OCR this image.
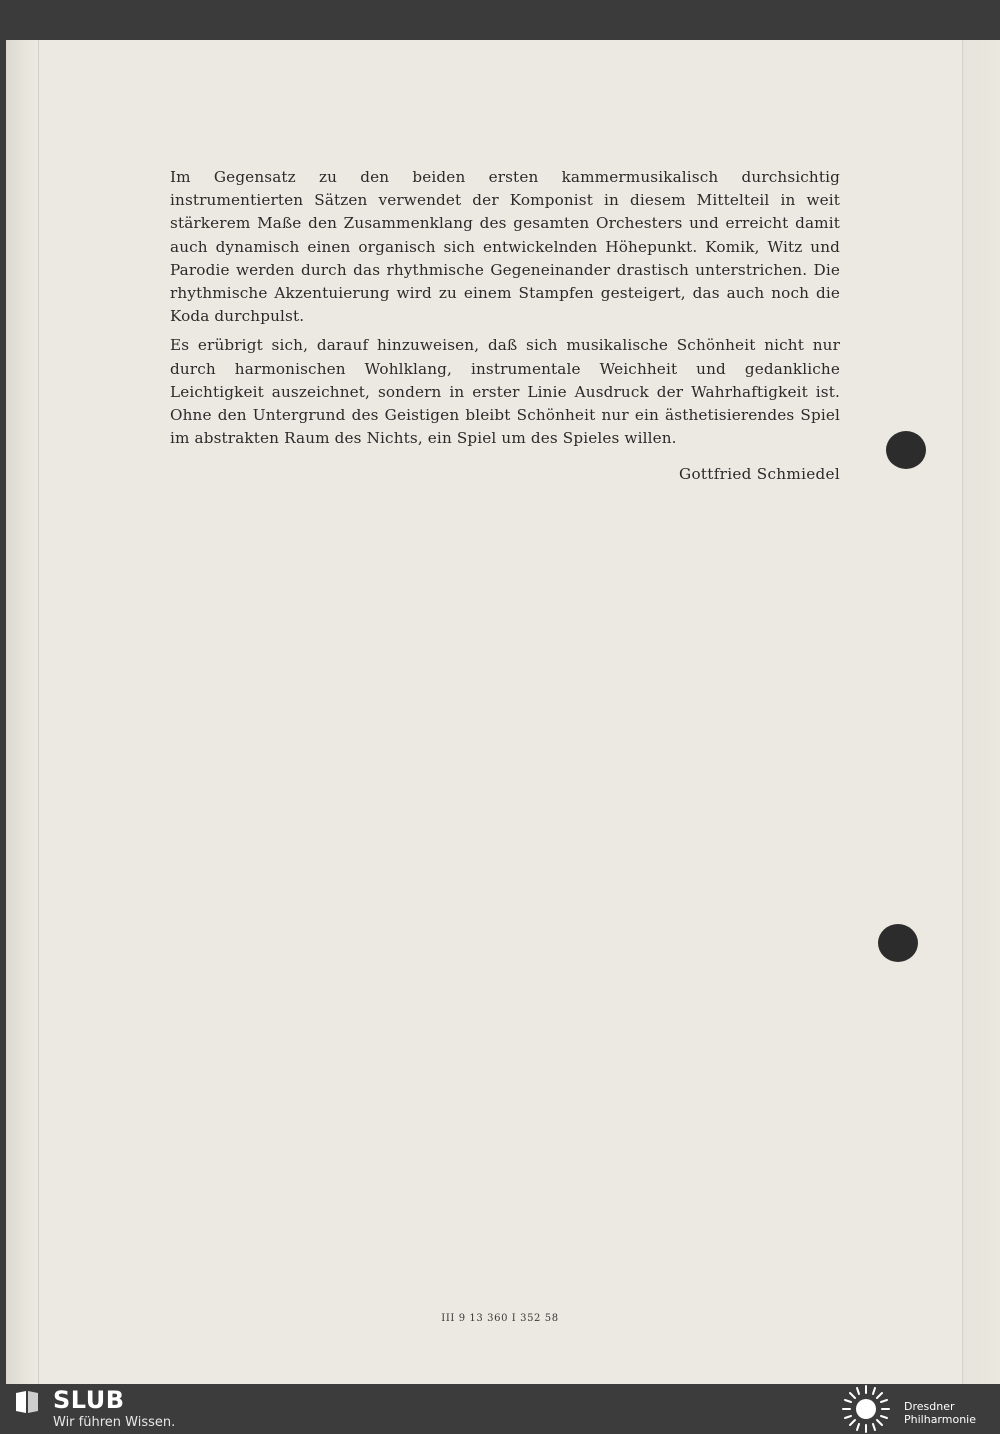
Im Gegensatz zu den beiden ersten kammermusikalisch durchsichtig instrumentierten Sätzen verwendet der Komponist in diesem Mittelteil in weit stärkerem Maße den Zusammenklang des gesamten Orchesters und erreicht damit auch dynamisch einen organisch sich entwickelnden Höhepunkt. Komik, Witz und Parodie werden durch das rhythmische Gegeneinander drastisch unterstrichen. Die rhythmische Akzentuierung wird zu einem Stampfen gesteigert, das auch noch die Koda durchpulst.

Es erübrigt sich, darauf hinzuweisen, daß sich musikalische Schönheit nicht nur durch harmonischen Wohlklang, instrumentale Weichheit und gedankliche Leichtigkeit auszeichnet, sondern in erster Linie Ausdruck der Wahrhaftigkeit ist. Ohne den Untergrund des Geistigen bleibt Schönheit nur ein ästhetisierendes Spiel im abstrakten Raum des Nichts, ein Spiel um des Spieles willen.

Gottfried Schmiedel
III 9 13 360 I 352 58
SLUB
Wir führen Wissen.
Dresdner
Philharmonie
